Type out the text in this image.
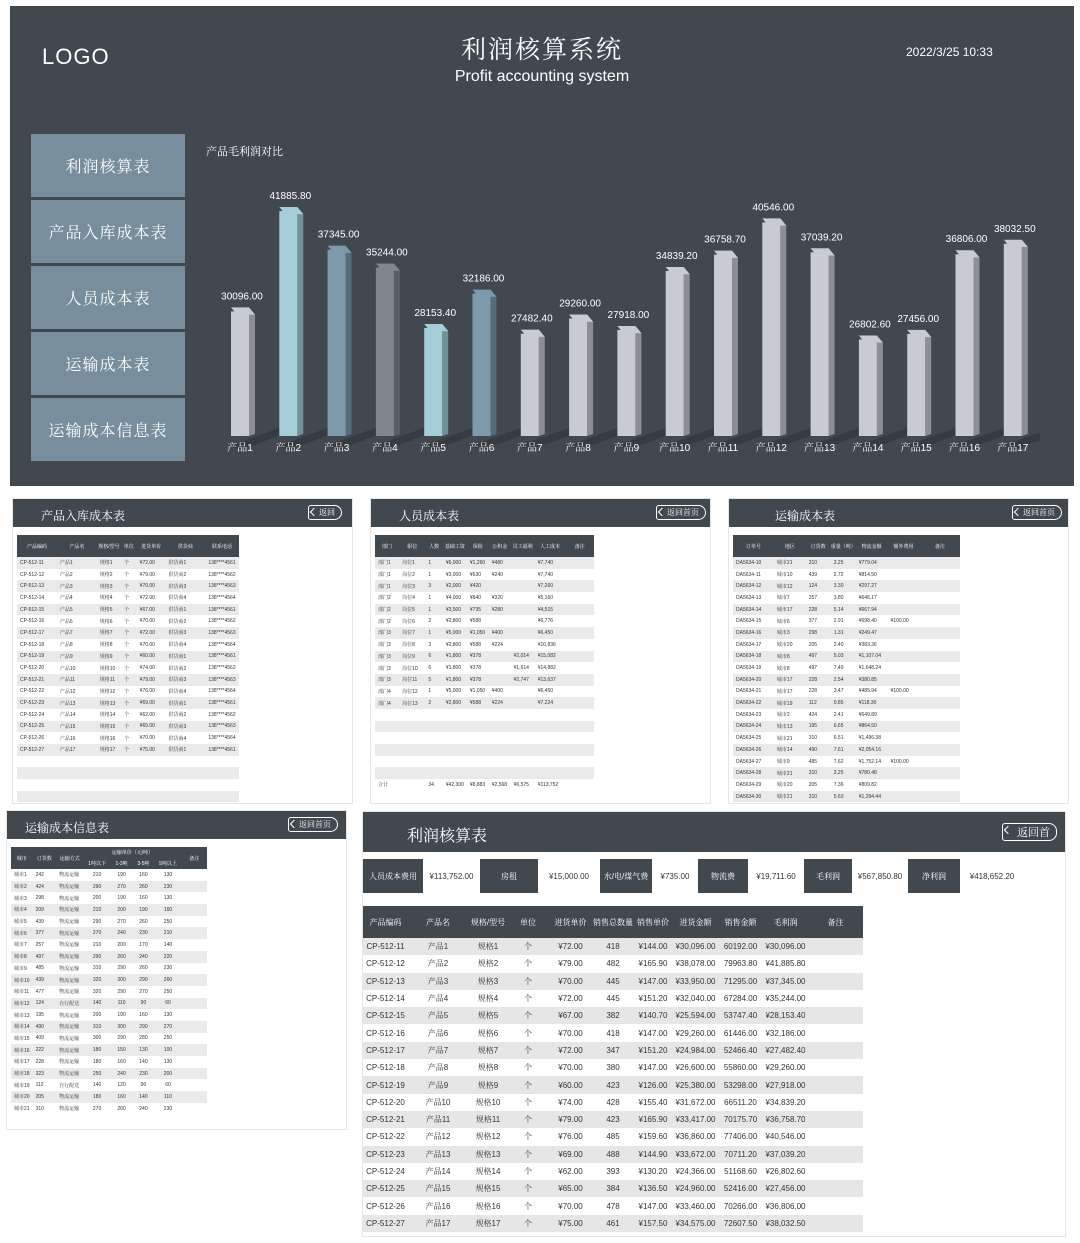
LOGO	利润核算系统
Profit accounting system
2022/3/25 10:33
利润核算表
产品入库成本表
人员成本表
运输成本表
运输成本信息表
产品毛利润对比
30096.00
产品1
41885.80
产品2
37345.00
产品3
35244.00
产品4
28153.40
产品5
32186.00
产品6
27482.40
产品7
29260.00
产品8
27918.00
产品9
34839.20
产品10
36758.70
产品11
40546.00
产品12
37039.20
产品13
26802.60
产品14
27456.00
产品15
36806.00
产品16
38032.50
产品17
产品入库成本表	返回
产品编码	产品名	规格/型号	单位	进货单价	供货商	联系电话
CP-512-11	产品1	规格1	个	¥72.00	供货商1	138****4561
CP-512-12	产品2	规格2	个	¥79.00	供货商2	138****4562
CP-512-13	产品3	规格3	个	¥70.00	供货商3	138****4563
CP-512-14	产品4	规格4	个	¥72.00	供货商4	138****4564
CP-512-15	产品5	规格5	个	¥67.00	供货商1	138****4561
CP-512-16	产品6	规格6	个	¥70.00	供货商2	138****4562
CP-512-17	产品7	规格7	个	¥72.00	供货商3	138****4563
CP-512-18	产品8	规格8	个	¥70.00	供货商4	138****4564
CP-512-19	产品9	规格9	个	¥60.00	供货商1	138****4561
CP-512-20	产品10	规格10	个	¥74.00	供货商2	138****4562
CP-512-21	产品11	规格11	个	¥79.00	供货商3	138****4563
CP-512-22	产品12	规格12	个	¥76.00	供货商4	138****4564
CP-512-23	产品13	规格13	个	¥69.00	供货商1	138****4561
CP-512-24	产品14	规格14	个	¥62.00	供货商2	138****4562
CP-512-25	产品15	规格15	个	¥65.00	供货商3	138****4563
CP-512-26	产品16	规格16	个	¥70.00	供货商4	138****4564
CP-512-27	产品17	规格17	个	¥75.00	供货商1	138****4561

人员成本表	返回首页
部门	职位	人数	基础工资	保险	公积金	员工福利	人工成本	备注
部门1	岗位1	1	¥6,000	¥1,260	¥480		¥7,740	
部门1	岗位2	1	¥3,000	¥630	¥240		¥7,740	
部门1	岗位3	3	¥2,000	¥420			¥7,260	
部门2	岗位4	1	¥4,000	¥840	¥320		¥5,160	
部门2	岗位5	1	¥3,500	¥735	¥280		¥4,515	
部门2	岗位6	2	¥2,800	¥588			¥6,776	
部门3	岗位7	1	¥5,000	¥1,050	¥400		¥6,450	
部门3	岗位8	3	¥2,800	¥588	¥224		¥10,836	
部门3	岗位9	6	¥1,800	¥378		¥2,014	¥15,082	
部门3	岗位10	6	¥1,800	¥378		¥1,614	¥14,882	
部门3	岗位11	5	¥1,800	¥378		¥2,747	¥13,637	
部门4	岗位12	1	¥5,000	¥1,050	¥400		¥6,450	
部门4	岗位13	2	¥2,800	¥588	¥224		¥7,224	

合计		34	¥42,300	¥8,883	¥2,568	¥6,575	¥113,752	
运输成本表	返回首页
订单号	地区	订货数	重量（吨）	物流金额	额外费用	备注
DA5634-10	城市21	310	3.25	¥779.04		
DA5634-11	城市10	439	2.72	¥814.50		
DA5634-12	城市12	124	3.30	¥297.27		
DA5634-13	城市7	257	3.80	¥646.17		
DA5634-14	城市17	228	5.14	¥667.94		
DA5634-15	城市6	377	2.91	¥698.40	¥100.00	
DA5634-16	城市3	298	1.31	¥249.47		
DA5634-17	城市20	205	2.40	¥383.36		
DA5634-18	城市8	497	5.03	¥1,107.04		
DA5634-19	城市8	497	7.49	¥1,648.24		
DA5634-20	城市17	228	2.54	¥380.85		
DA5634-21	城市17	228	3.47	¥485.94	¥100.00	
DA5634-22	城市19	112	0.85	¥118.30		
DA5634-23	城市2	424	2.41	¥649.89		
DA5634-24	城市13	195	6.65	¥864.50		
DA5634-25	城市21	310	6.51	¥1,496.38		
DA5634-26	城市14	490	7.61	¥2,054.16		
DA5634-27	城市9	485	7.62	¥1,752.14	¥100.00	
DA5634-28	城市21	310	3.25	¥780.48		
DA5634-29	城市20	205	7.36	¥809.82		
DA5634-30	城市21	310	5.63	¥1,294.44		
运输成本信息表	返回首页
城市	订货数	运输方式	运输单价（元/吨）				备注
			1吨以下	1-3吨	3-5吨	5吨以上	
城市1	242	物流运输	210	190	160	130	
城市2	424	物流运输	290	270	260	230	
城市3	298	物流运输	200	190	160	130	
城市4	209	物流运输	210	200	190	160	
城市5	439	物流运输	290	270	260	250	
城市6	377	物流运输	270	240	230	210	
城市7	257	物流运输	210	200	170	140	
城市8	497	物流运输	290	260	240	220	
城市9	485	物流运输	310	290	260	230	
城市10	439	物流运输	320	300	290	260	
城市11	477	物流运输	320	290	270	250	
城市12	124	自行配送	140	110	90	60	
城市13	195	物流运输	200	190	160	130	
城市14	490	物流运输	310	300	290	270	
城市15	409	物流运输	300	290	280	250	
城市16	222	物流运输	180	150	130	100	
城市17	228	物流运输	180	160	140	130	
城市18	323	物流运输	250	240	230	200	
城市19	112	自行配送	140	120	90	60	
城市20	205	物流运输	180	160	140	110	
城市21	310	物流运输	270	260	240	230	
利润核算表	返回首
人员成本费用	¥113,752.00	房租	¥15,000.00	水/电/煤气费	¥735.00	物流费	¥19,711.60	毛利润	¥567,850.80	净利润	¥418,652.20
产品编码	产品名	规格/型号	单位	进货单价	销售总数量	销售单价	进货金额	销售金额	毛利润	备注
CP-512-11	产品1	规格1	个	¥72.00	418	¥144.00	¥30,096.00	60192.00	¥30,096.00	
CP-512-12	产品2	规格2	个	¥79.00	482	¥165.90	¥38,078.00	79963.80	¥41,885.80	
CP-512-13	产品3	规格3	个	¥70.00	445	¥147.00	¥33,950.00	71295.00	¥37,345.00	
CP-512-14	产品4	规格4	个	¥72.00	445	¥151.20	¥32,040.00	67284.00	¥35,244.00	
CP-512-15	产品5	规格5	个	¥67.00	382	¥140.70	¥25,594.00	53747.40	¥28,153.40	
CP-512-16	产品6	规格6	个	¥70.00	418	¥147.00	¥29,260.00	61446.00	¥32,186.00	
CP-512-17	产品7	规格7	个	¥72.00	347	¥151.20	¥24,984.00	52466.40	¥27,482.40	
CP-512-18	产品8	规格8	个	¥70.00	380	¥147.00	¥26,600.00	55860.00	¥29,260.00	
CP-512-19	产品9	规格9	个	¥60.00	423	¥126.00	¥25,380.00	53298.00	¥27,918.00	
CP-512-20	产品10	规格10	个	¥74.00	428	¥155.40	¥31,672.00	66511.20	¥34,839.20	
CP-512-21	产品11	规格11	个	¥79.00	423	¥165.90	¥33,417.00	70175.70	¥36,758.70	
CP-512-22	产品12	规格12	个	¥76.00	485	¥159.60	¥36,860.00	77406.00	¥40,546.00	
CP-512-23	产品13	规格13	个	¥69.00	488	¥144.90	¥33,672.00	70711.20	¥37,039.20	
CP-512-24	产品14	规格14	个	¥62.00	393	¥130.20	¥24,366.00	51168.60	¥26,802.60	
CP-512-25	产品15	规格15	个	¥65.00	384	¥136.50	¥24,960.00	52416.00	¥27,456.00	
CP-512-26	产品16	规格16	个	¥70.00	478	¥147.00	¥33,460.00	70266.00	¥36,806.00	
CP-512-27	产品17	规格17	个	¥75.00	461	¥157.50	¥34,575.00	72607.50	¥38,032.50	
